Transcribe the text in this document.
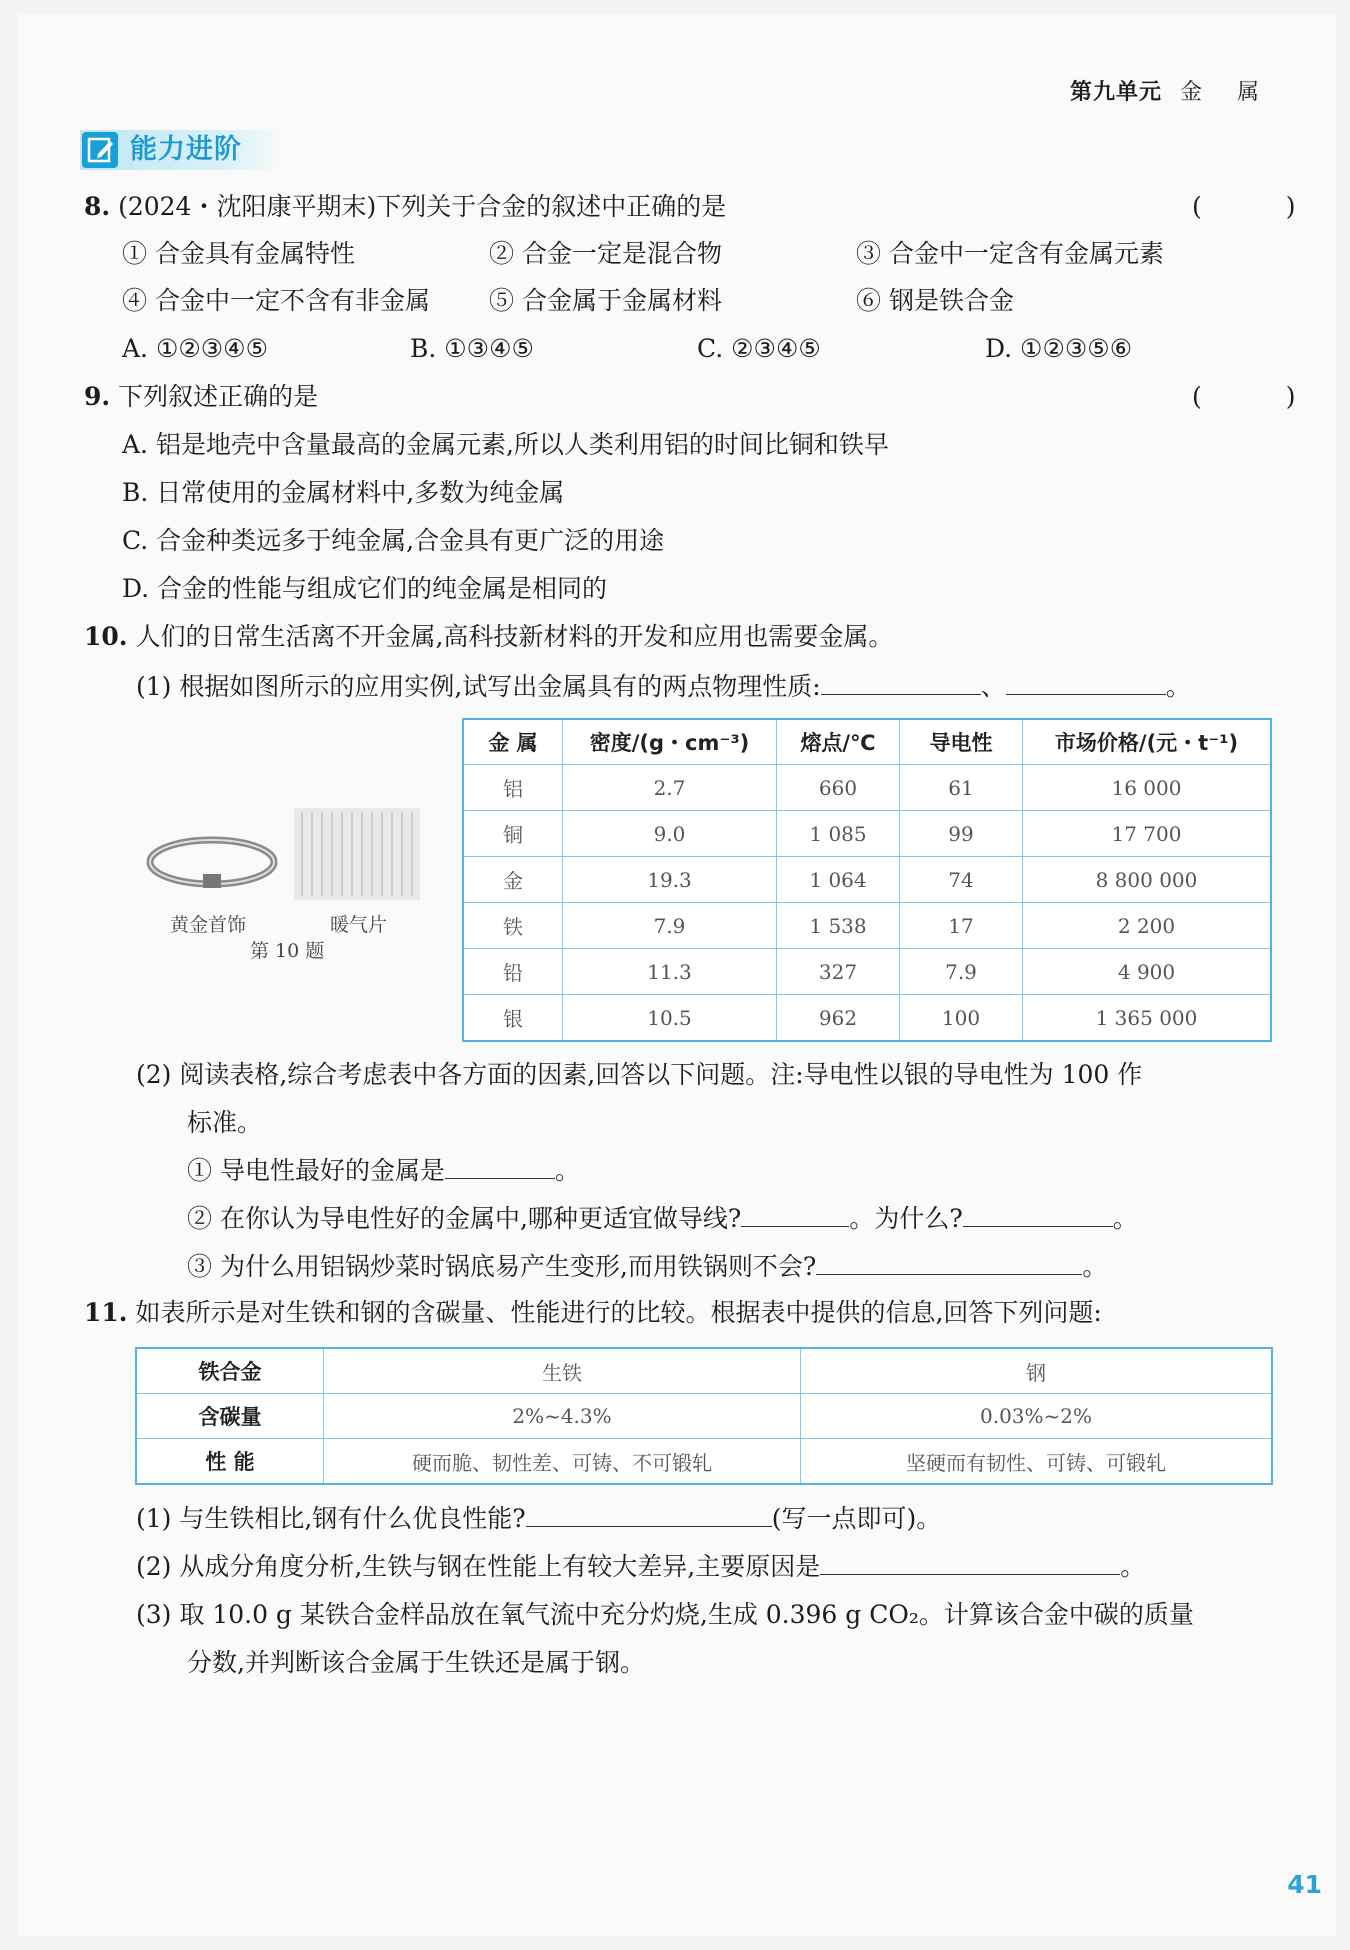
第九单元 金 属
能力进阶
8. (2024・沈阳康平期末)下列关于合金的叙述中正确的是	( )
① 合金具有金属特性	② 合金一定是混合物	③ 合金中一定含有金属元素
④ 合金中一定不含有非金属 ⑤ 合金属于金属材料	⑥ 钢是铁合金
A. ①②③④⑤	B. ①③④⑤	C. ②③④⑤	D. ①②③⑤⑥
9. 下列叙述正确的是	( )
A. 铝是地壳中含量最高的金属元素,所以人类利用铝的时间比铜和铁早
B. 日常使用的金属材料中,多数为纯金属
C. 合金种类远多于纯金属,合金具有更广泛的用途
D. 合金的性能与组成它们的纯金属是相同的
10. 人们的日常生活离不开金属,高科技新材料的开发和应用也需要金属。
(1) 根据如图所示的应用实例,试写出金属具有的两点物理性质:	、	。
黄金首饰	暖气片
第 10 题
金 属	密度/(g・cm⁻³)	熔点/℃	导电性	市场价格/(元・t⁻¹)
铝	2.7	660	61	16 000
铜	9.0	1 085	99	17 700
金	19.3	1 064	74	8 800 000
铁	7.9	1 538	17	2 200
铅	11.3	327	7.9	4 900
银	10.5	962	100	1 365 000
(2) 阅读表格,综合考虑表中各方面的因素,回答以下问题。注:导电性以银的导电性为 100 作
标准。
① 导电性最好的金属是	。
② 在你认为导电性好的金属中,哪种更适宜做导线?	。为什么?	。
③ 为什么用铝锅炒菜时锅底易产生变形,而用铁锅则不会?	。
11. 如表所示是对生铁和钢的含碳量、性能进行的比较。根据表中提供的信息,回答下列问题:
铁合金	生铁	钢
含碳量	2%~4.3%	0.03%~2%
性 能	硬而脆、韧性差、可铸、不可锻轧	坚硬而有韧性、可铸、可锻轧
(1) 与生铁相比,钢有什么优良性能?	(写一点即可)。
(2) 从成分角度分析,生铁与钢在性能上有较大差异,主要原因是	。
(3) 取 10.0 g 某铁合金样品放在氧气流中充分灼烧,生成 0.396 g CO₂。计算该合金中碳的质量
分数,并判断该合金属于生铁还是属于钢。
41
